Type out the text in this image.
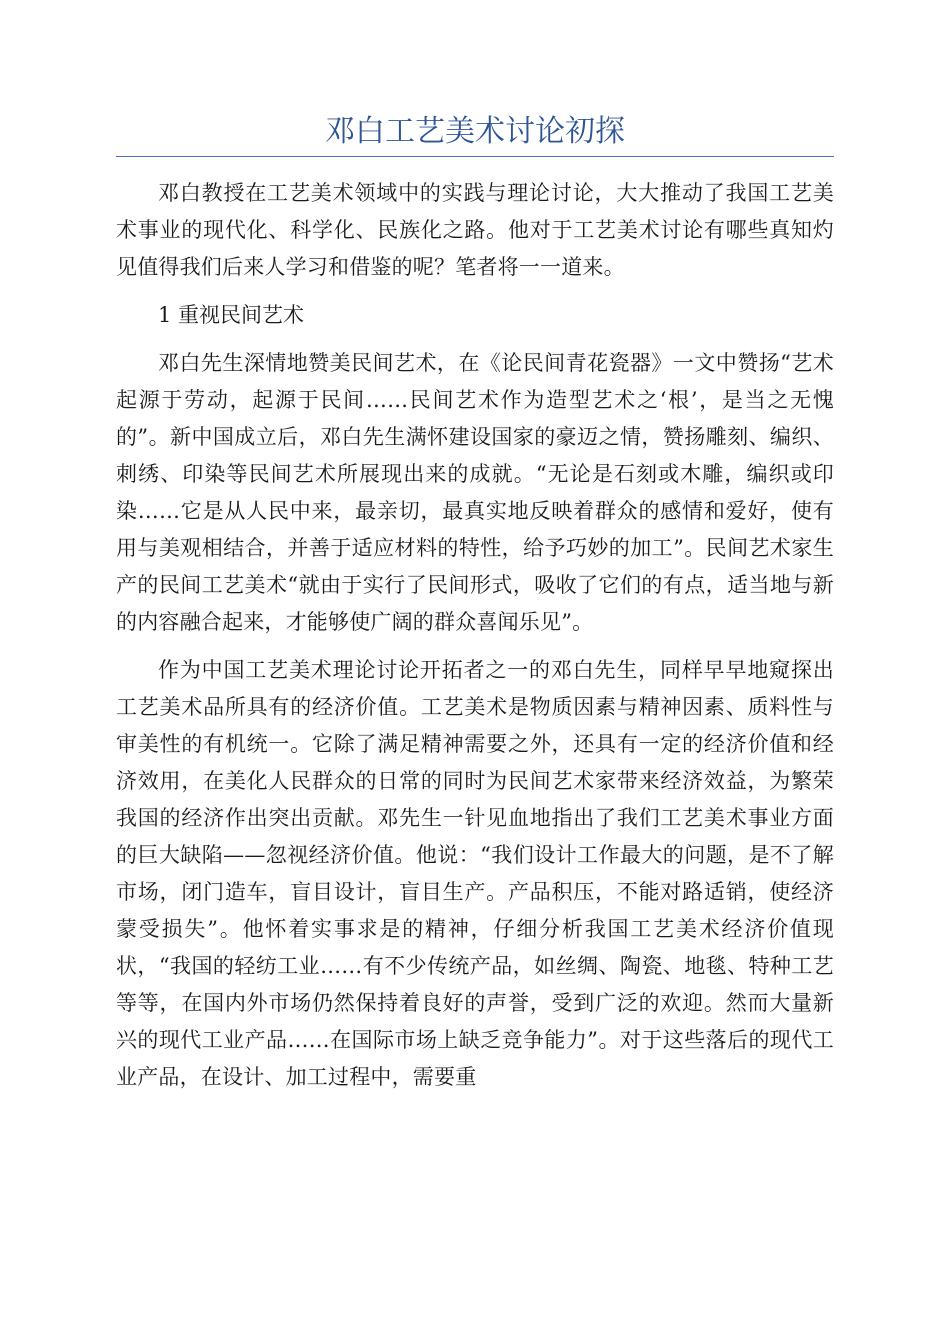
邓白工艺美术讨论初探

邓白教授在工艺美术领域中的实践与理论讨论，大大推动了我国工艺美术事业的现代化、科学化、民族化之路。他对于工艺美术讨论有哪些真知灼见值得我们后来人学习和借鉴的呢？笔者将一一道来。

1 重视民间艺术

邓白先生深情地赞美民间艺术，在《论民间青花瓷器》一文中赞扬“艺术起源于劳动，起源于民间……民间艺术作为造型艺术之‘根’，是当之无愧的”。新中国成立后，邓白先生满怀建设国家的豪迈之情，赞扬雕刻、编织、刺绣、印染等民间艺术所展现出来的成就。“无论是石刻或木雕，编织或印染……它是从人民中来，最亲切，最真实地反映着群众的感情和爱好，使有用与美观相结合，并善于适应材料的特性，给予巧妙的加工”。民间艺术家生产的民间工艺美术“就由于实行了民间形式，吸收了它们的有点，适当地与新的内容融合起来，才能够使广阔的群众喜闻乐见”。

作为中国工艺美术理论讨论开拓者之一的邓白先生，同样早早地窥探出工艺美术品所具有的经济价值。工艺美术是物质因素与精神因素、质料性与审美性的有机统一。它除了满足精神需要之外，还具有一定的经济价值和经济效用，在美化人民群众的日常的同时为民间艺术家带来经济效益，为繁荣我国的经济作出突出贡献。邓先生一针见血地指出了我们工艺美术事业方面的巨大缺陷——忽视经济价值。他说：“我们设计工作最大的问题，是不了解市场，闭门造车，盲目设计，盲目生产。产品积压，不能对路适销，使经济蒙受损失”。他怀着实事求是的精神，仔细分析我国工艺美术经济价值现状，“我国的轻纺工业……有不少传统产品，如丝绸、陶瓷、地毯、特种工艺等等，在国内外市场仍然保持着良好的声誉，受到广泛的欢迎。然而大量新兴的现代工业产品……在国际市场上缺乏竞争能力”。对于这些落后的现代工业产品，在设计、加工过程中，需要重
